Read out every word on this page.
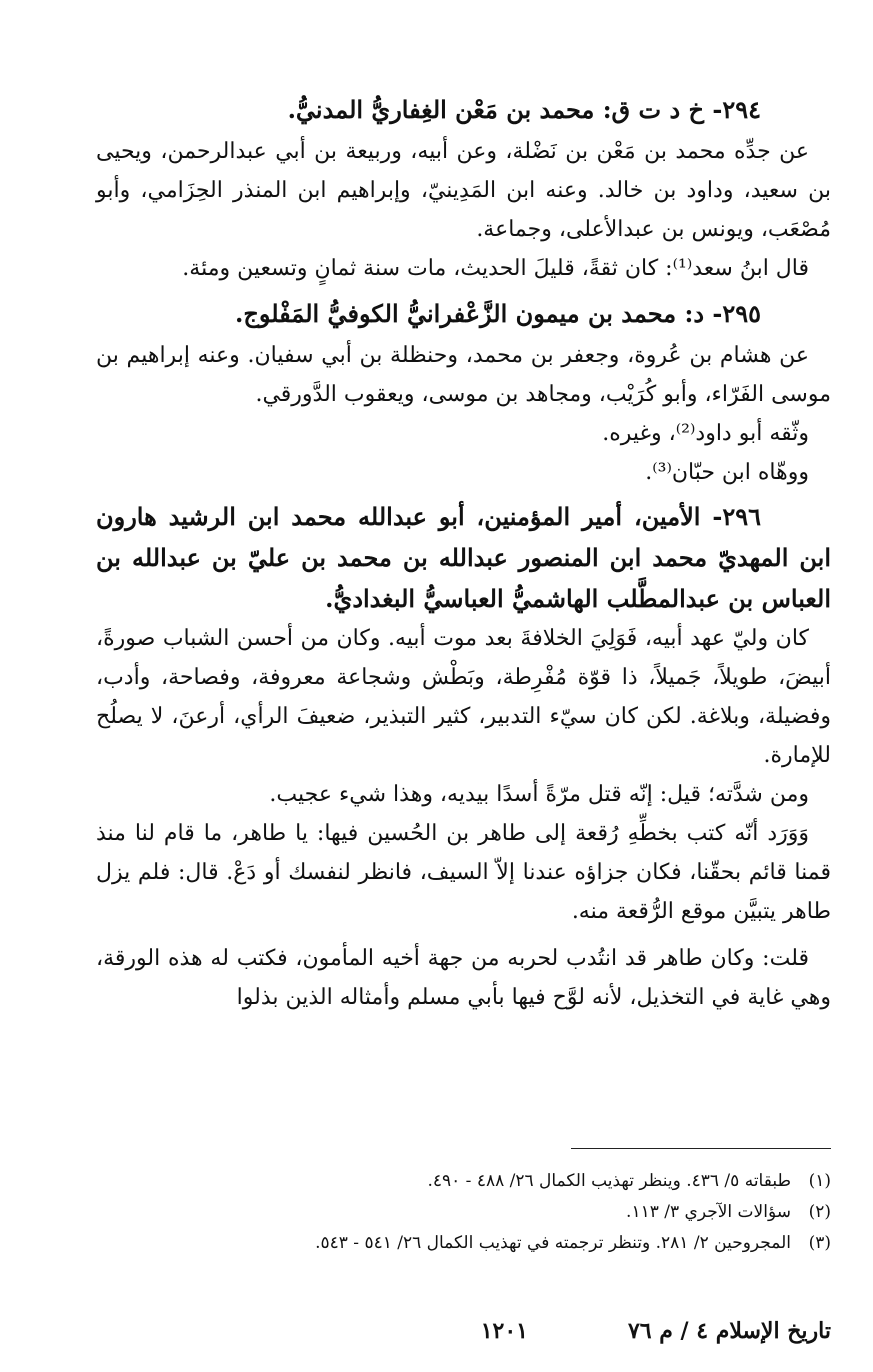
٢٩٤- خ د ت ق: محمد بن مَعْن الغِفاريُّ المدنيُّ.

عن جدِّه محمد بن مَعْن بن نَضْلة، وعن أبيه، وربيعة بن أبي عبدالرحمن، ويحيى بن سعيد، وداود بن خالد. وعنه ابن المَدِينيّ، وإبراهيم ابن المنذر الحِزَامي، وأبو مُصْعَب، ويونس بن عبدالأعلى، وجماعة.

قال ابنُ سعد⁽¹⁾: كان ثقةً، قليلَ الحديث، مات سنة ثمانٍ وتسعين ومئة.

٢٩٥- د: محمد بن ميمون الزَّعْفرانيُّ الكوفيُّ المَفْلوج.

عن هشام بن عُروة، وجعفر بن محمد، وحنظلة بن أبي سفيان. وعنه إبراهيم بن موسى الفَرّاء، وأبو كُرَيْب، ومجاهد بن موسى، ويعقوب الدَّورقي.

وثّقه أبو داود⁽²⁾، وغيره.

ووهّاه ابن حبّان⁽³⁾.

٢٩٦- الأمين، أمير المؤمنين، أبو عبدالله محمد ابن الرشيد هارون ابن المهديّ محمد ابن المنصور عبدالله بن محمد بن عليّ بن عبدالله بن العباس بن عبدالمطَّلب الهاشميُّ العباسيُّ البغداديُّ.

كان وليّ عهد أبيه، فَوَلِيَ الخلافةَ بعد موت أبيه. وكان من أحسن الشباب صورةً، أبيضَ، طويلاً، جَميلاً، ذا قوّة مُفْرِطة، وبَطْش وشجاعة معروفة، وفصاحة، وأدب، وفضيلة، وبلاغة. لكن كان سيّء التدبير، كثير التبذير، ضعيفَ الرأي، أرعنَ، لا يصلُح للإمارة.

ومن شدَّته؛ قيل: إنّه قتل مرّةً أسدًا بيديه، وهذا شيء عجيب.

وَوَرَد أنّه كتب بخطِّهِ رُقعة إلى طاهر بن الحُسين فيها: يا طاهر، ما قام لنا منذ قمنا قائم بحقّنا، فكان جزاؤه عندنا إلاّ السيف، فانظر لنفسك أو دَعْ. قال: فلم يزل طاهر يتبيَّن موقع الرُّقعة منه.

قلت: وكان طاهر قد انتُدب لحربه من جهة أخيه المأمون، فكتب له هذه الورقة، وهي غاية في التخذيل، لأنه لوَّح فيها بأبي مسلم وأمثاله الذين بذلوا

(١)
طبقاته ٥/ ٤٣٦. وينظر تهذيب الكمال ٢٦/ ٤٨٨ - ٤٩٠.
(٢)
سؤالات الآجري ٣/ ١١٣.
(٣)
المجروحين ٢/ ٢٨١. وتنظر ترجمته في تهذيب الكمال ٢٦/ ٥٤١ - ٥٤٣.
تاريخ الإسلام ٤ / م ٧٦
١٢٠١
